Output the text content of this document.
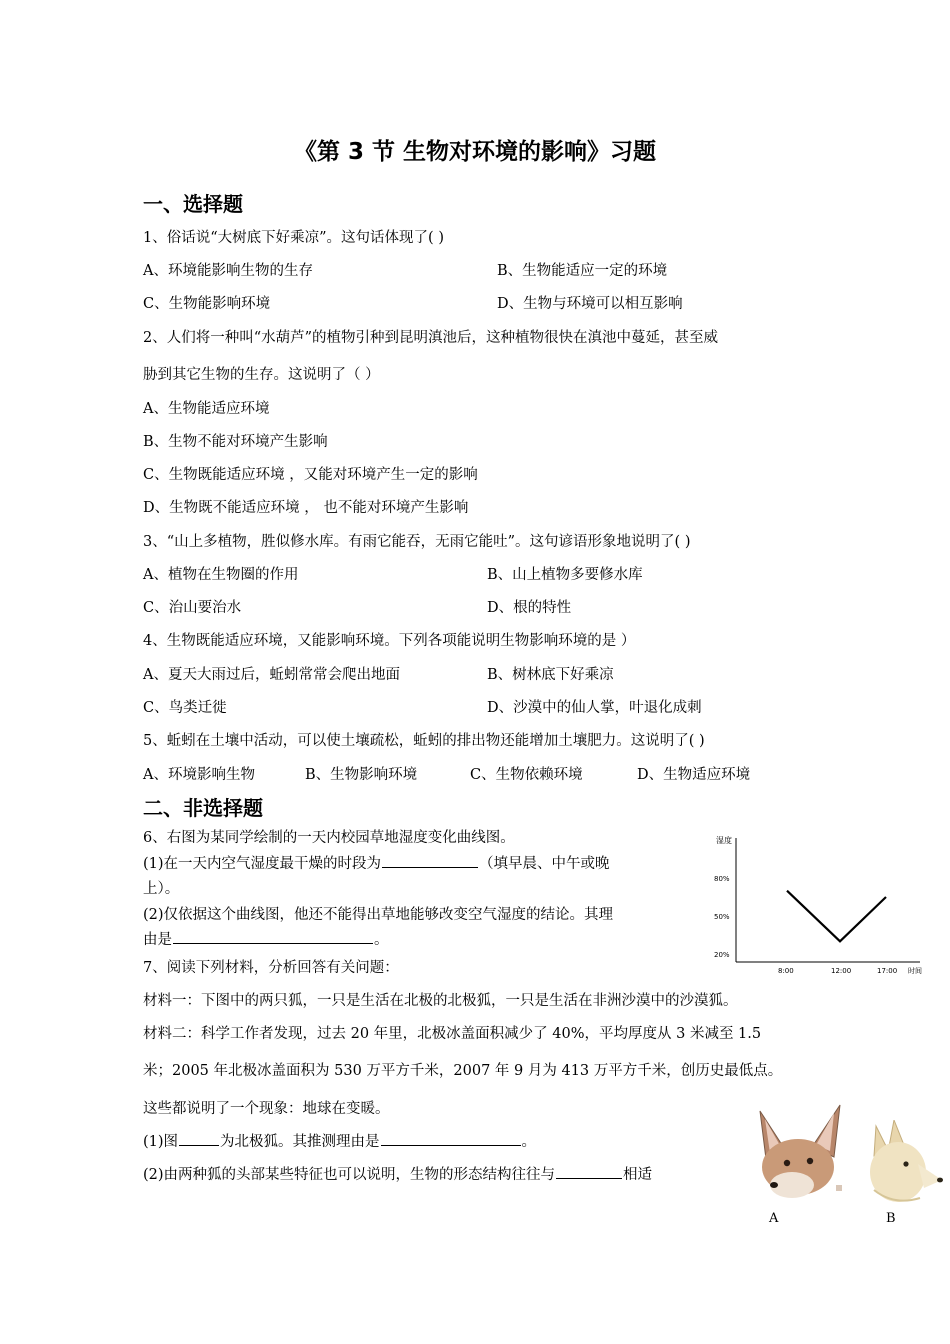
《第 3 节 生物对环境的影响》习题
一、选择题
1、俗话说“大树底下好乘凉”。这句话体现了( )
A、环境能影响生物的生存	B、生物能适应一定的环境
C、生物能影响环境	D、生物与环境可以相互影响
2、人们将一种叫“水葫芦”的植物引种到昆明滇池后，这种植物很快在滇池中蔓延，甚至威
胁到其它生物的生存。这说明了（ ）
A、生物能适应环境
B、生物不能对环境产生影响
C、生物既能适应环境 ，又能对环境产生一定的影响
D、生物既不能适应环境 ， 也不能对环境产生影响
3、“山上多植物，胜似修水库。有雨它能吞，无雨它能吐”。这句谚语形象地说明了( )
A、植物在生物圈的作用	B、山上植物多要修水库
C、治山要治水	D、根的特性
4、生物既能适应环境，又能影响环境。下列各项能说明生物影响环境的是 ）
A、夏天大雨过后，蚯蚓常常会爬出地面	B、树林底下好乘凉
C、鸟类迁徙	D、沙漠中的仙人掌，叶退化成刺
5、蚯蚓在土壤中活动，可以使土壤疏松，蚯蚓的排出物还能增加土壤肥力。这说明了( )
A、环境影响生物	B、生物影响环境	C、生物依赖环境	D、生物适应环境
二、非选择题
6、右图为某同学绘制的一天内校园草地湿度变化曲线图。
(1)在一天内空气湿度最干燥的时段为	（填早晨、中午或晚
上）。
(2)仅依据这个曲线图，他还不能得出草地能够改变空气湿度的结论。其理
由是	。
湿度
时间
80%
50%
20%
8:00	12:00	17:00
7、阅读下列材料，分析回答有关问题：
材料一：下图中的两只狐，一只是生活在北极的北极狐，一只是生活在非洲沙漠中的沙漠狐。
材料二：科学工作者发现，过去 20 年里，北极冰盖面积减少了 40%，平均厚度从 3 米减至 1.5
米；2005 年北极冰盖面积为 530 万平方千米，2007 年 9 月为 413 万平方千米，创历史最低点。
这些都说明了一个现象：地球在变暖。
(1)图	为北极狐。其推测理由是	。
(2)由两种狐的头部某些特征也可以说明，生物的形态结构往往与	相适
A	B
